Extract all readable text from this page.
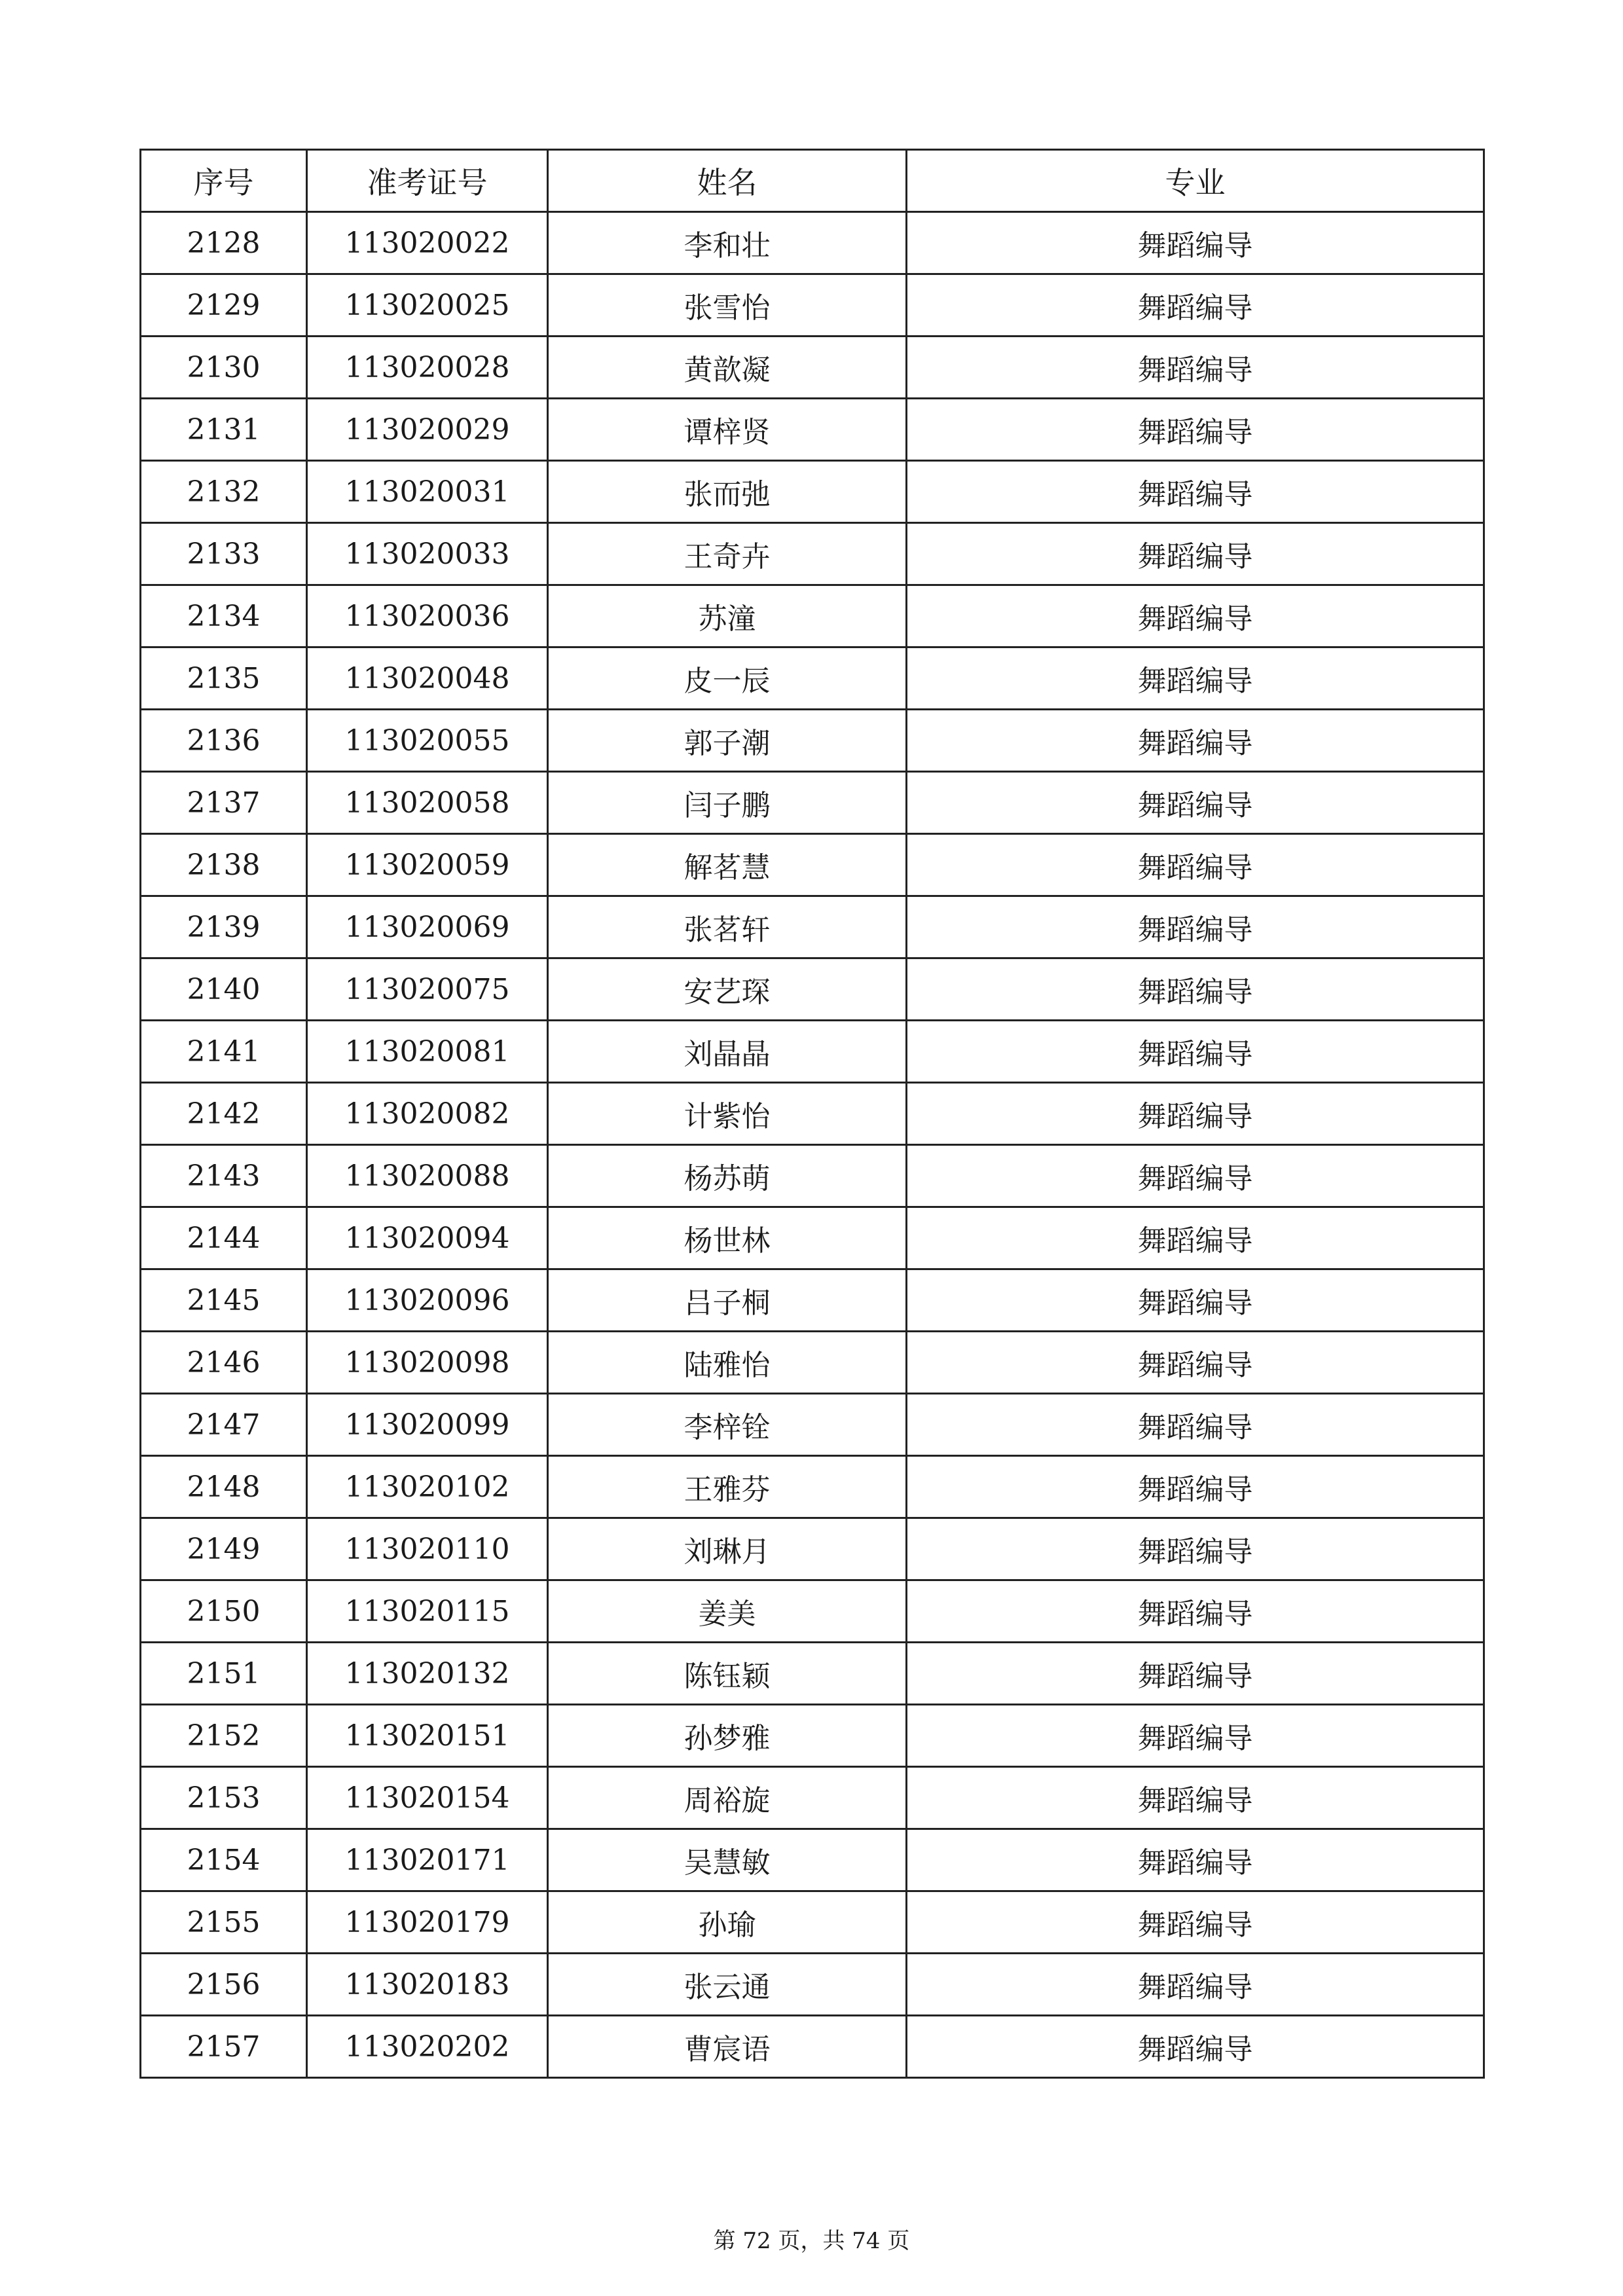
序号	准考证号	姓名	专业
2128	113020022	李和壮	舞蹈编导
2129	113020025	张雪怡	舞蹈编导
2130	113020028	黄歆凝	舞蹈编导
2131	113020029	谭梓贤	舞蹈编导
2132	113020031	张而弛	舞蹈编导
2133	113020033	王奇卉	舞蹈编导
2134	113020036	苏潼	舞蹈编导
2135	113020048	皮一辰	舞蹈编导
2136	113020055	郭子潮	舞蹈编导
2137	113020058	闫子鹏	舞蹈编导
2138	113020059	解茗慧	舞蹈编导
2139	113020069	张茗轩	舞蹈编导
2140	113020075	安艺琛	舞蹈编导
2141	113020081	刘晶晶	舞蹈编导
2142	113020082	计紫怡	舞蹈编导
2143	113020088	杨苏萌	舞蹈编导
2144	113020094	杨世林	舞蹈编导
2145	113020096	吕子桐	舞蹈编导
2146	113020098	陆雅怡	舞蹈编导
2147	113020099	李梓铨	舞蹈编导
2148	113020102	王雅芬	舞蹈编导
2149	113020110	刘琳月	舞蹈编导
2150	113020115	姜美	舞蹈编导
2151	113020132	陈钰颖	舞蹈编导
2152	113020151	孙梦雅	舞蹈编导
2153	113020154	周裕旋	舞蹈编导
2154	113020171	吴慧敏	舞蹈编导
2155	113020179	孙瑜	舞蹈编导
2156	113020183	张云通	舞蹈编导
2157	113020202	曹宸语	舞蹈编导
第 72 页，共 74 页
